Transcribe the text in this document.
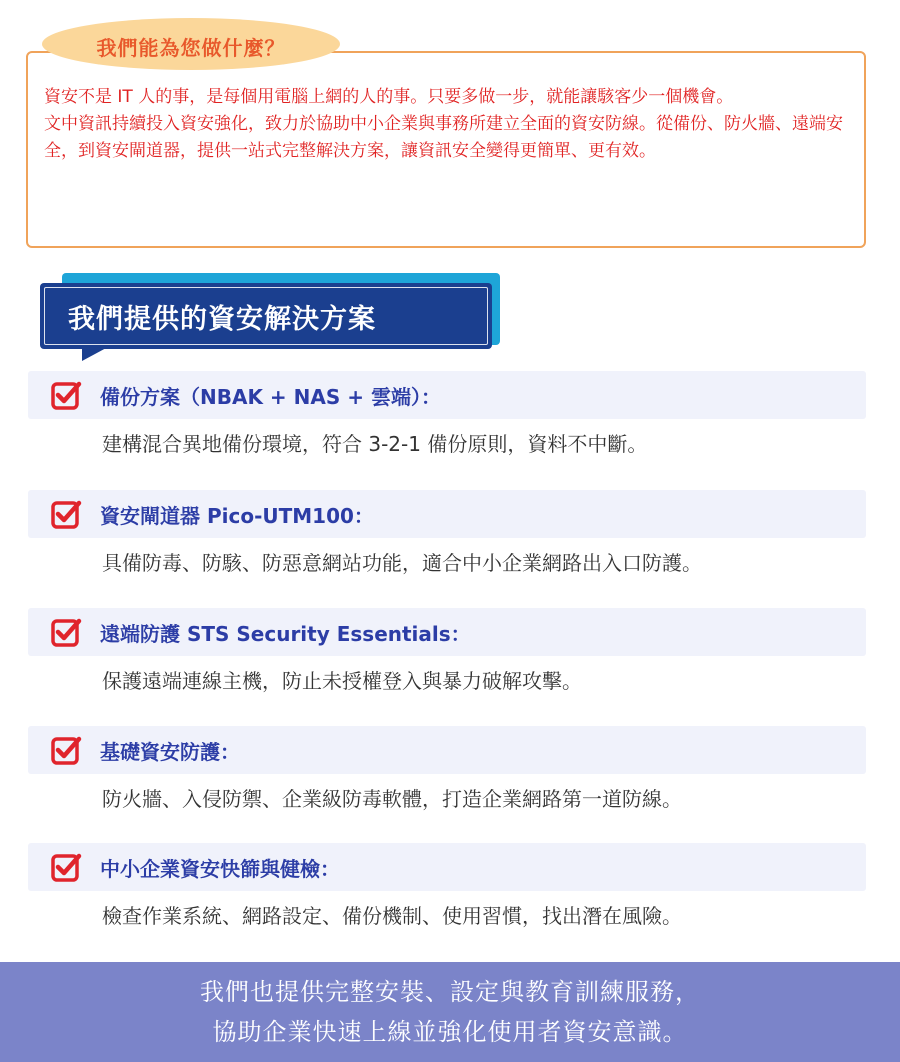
我們能為您做什麼？

資安不是 IT 人的事，是每個用電腦上網的人的事。只要多做一步，就能讓駭客少一個機會。

文中資訊持續投入資安強化，致力於協助中小企業與事務所建立全面的資安防線。從備份、防火牆、遠端安全，到資安閘道器，提供一站式完整解決方案，讓資訊安全變得更簡單、更有效。

我們提供的資安解決方案
備份方案（NBAK + NAS + 雲端）：
建構混合異地備份環境，符合 3-2-1 備份原則，資料不中斷。
資安閘道器 Pico-UTM100：
具備防毒、防駭、防惡意網站功能，適合中小企業網路出入口防護。
遠端防護 STS Security Essentials：
保護遠端連線主機，防止未授權登入與暴力破解攻擊。
基礎資安防護：
防火牆、入侵防禦、企業級防毒軟體，打造企業網路第一道防線。
中小企業資安快篩與健檢：
檢查作業系統、網路設定、備份機制、使用習慣，找出潛在風險。
我們也提供完整安裝、設定與教育訓練服務，
協助企業快速上線並強化使用者資安意識。
